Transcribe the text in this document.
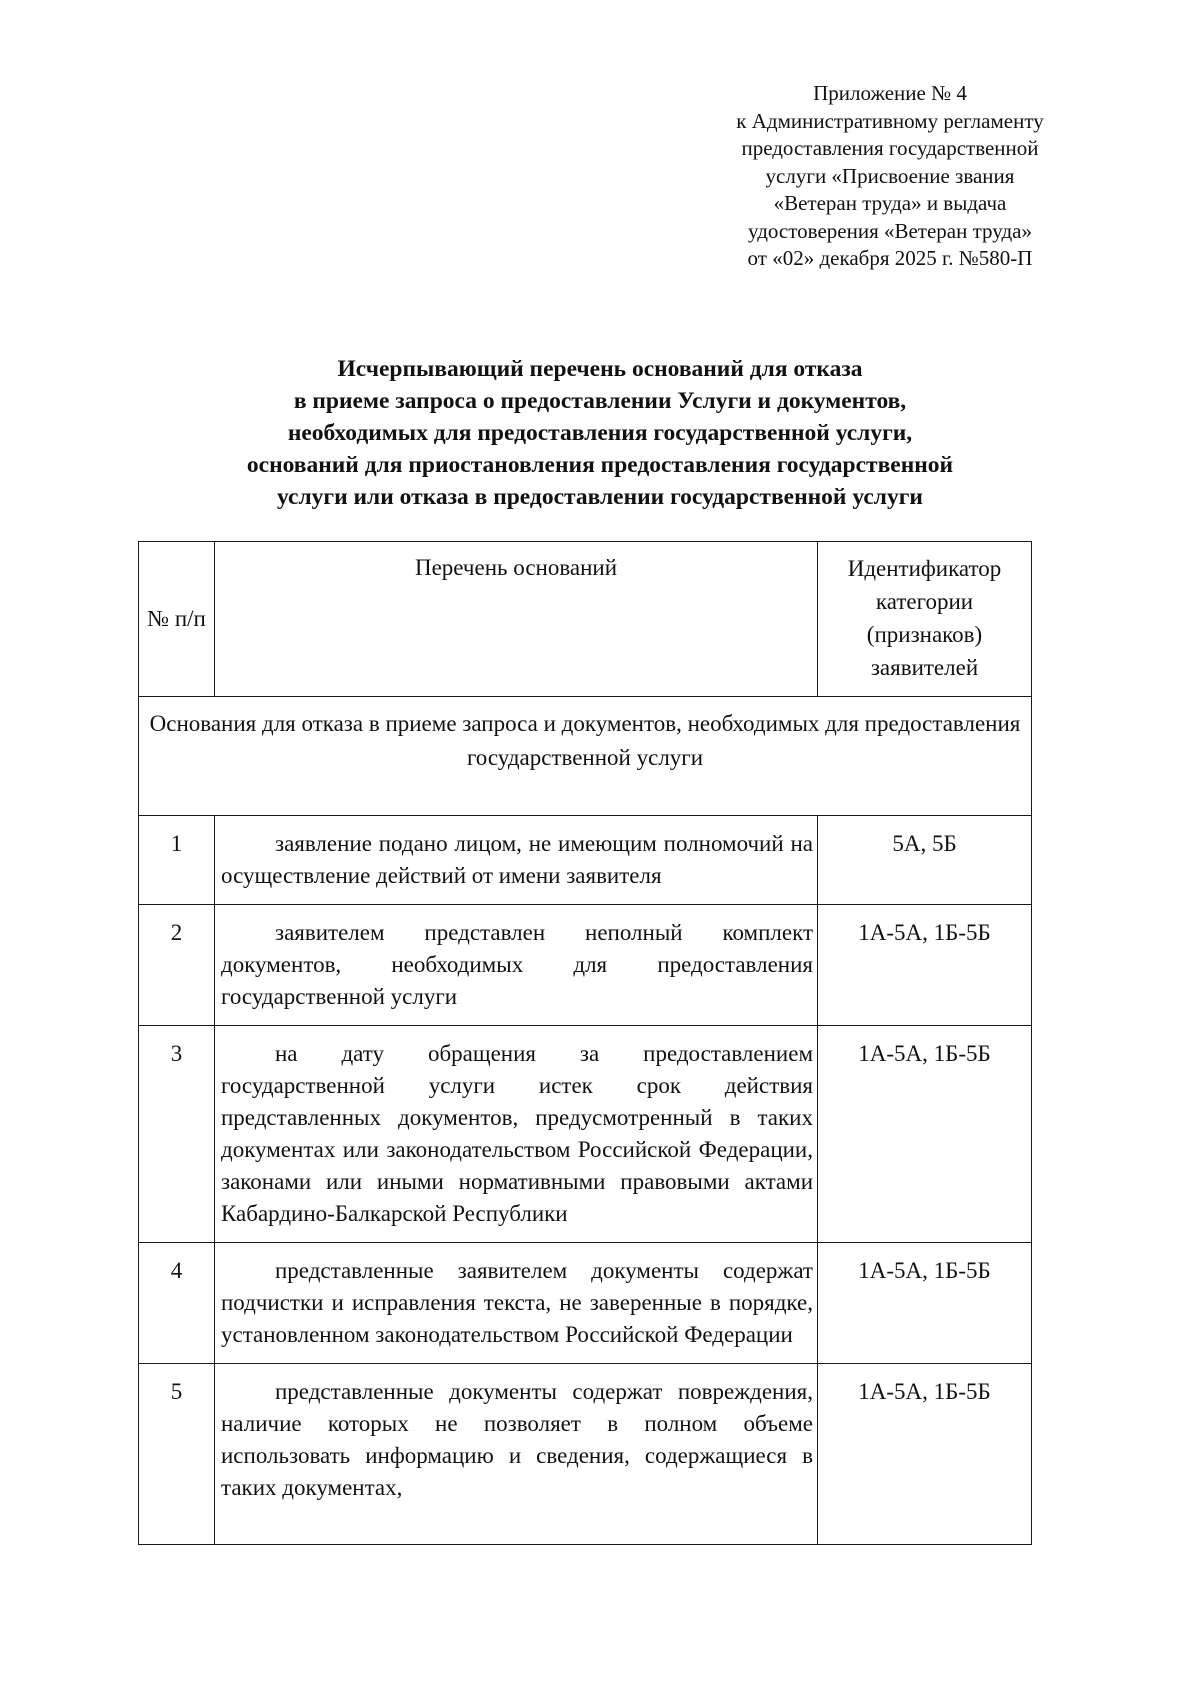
Приложение № 4
к Административному регламенту
предоставления государственной
услуги «Присвоение звания
«Ветеран труда» и выдача
удостоверения «Ветеран труда»
от «02» декабря 2025 г. №580-П
Исчерпывающий перечень оснований для отказа
в приеме запроса о предоставлении Услуги и документов,
необходимых для предоставления государственной услуги,
оснований для приостановления предоставления государственной
услуги или отказа в предоставлении государственной услуги
№ п/п	Перечень оснований	Идентификатор категории (признаков) заявителей
Основания для отказа в приеме запроса и документов, необходимых для предоставления государственной услуги		
1	заявление подано лицом, не имеющим полномочий на осуществление действий от имени заявителя	5А, 5Б
2	заявителем представлен неполный комплект документов, необходимых для предоставления государственной услуги	1А-5А, 1Б-5Б
3	на дату обращения за предоставлением государственной услуги истек срок действия представленных документов, предусмотренный в таких документах или законодательством Российской Федерации, законами или иными нормативными правовыми актами Кабардино-Балкарской Республики	1А-5А, 1Б-5Б
4	представленные заявителем документы содержат подчистки и исправления текста, не заверенные в порядке, установленном законодательством Российской Федерации	1А-5А, 1Б-5Б
5	представленные документы содержат повреждения, наличие которых не позволяет в полном объеме использовать информацию и сведения, содержащиеся в таких документах,	1А-5А, 1Б-5Б
